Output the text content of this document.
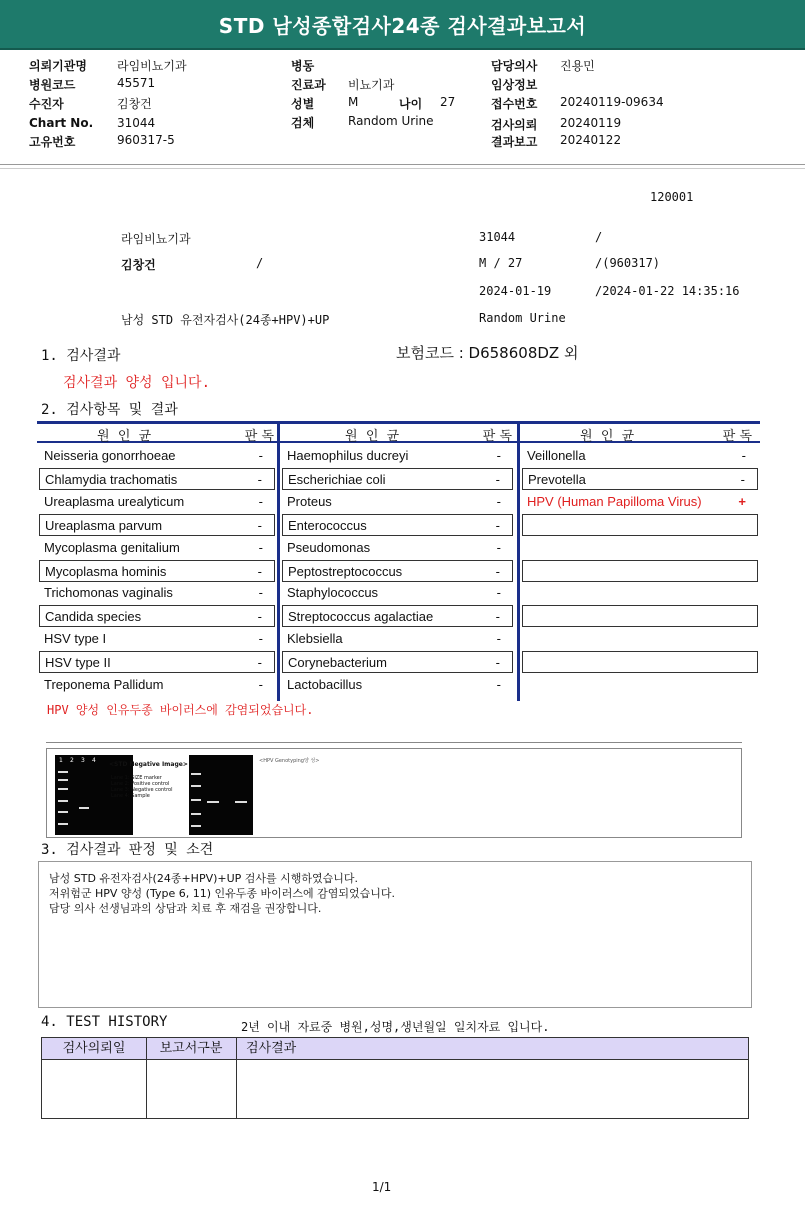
STD 남성종합검사24종 검사결과보고서
의뢰기관명	라임비뇨기과
병원코드	45571
수진자	김창건
Chart No. 31044
고유번호	960317-5
병동
진료과 비뇨기과
성별	M	나이 27
검체	Random Urine
담당의사 진용민
임상정보
접수번호 20240119-09634
검사의뢰 20240119
결과보고 20240122
120001
라임비뇨기과	31044	/
김창건	/	M / 27	/(960317)
2024-01-19	/2024-01-22 14:35:16
남성 STD 유전자검사(24종+HPV)+UP	Random Urine
1. 검사결과	보험코드 : D658608DZ 외
검사결과 양성 입니다.
2. 검사항목 및 결과
원  인  균	판 독
Neisseria gonorrhoeae	-
Chlamydia trachomatis	-
Ureaplasma urealyticum	-
Ureaplasma parvum	-
Mycoplasma genitalium	-
Mycoplasma hominis	-
Trichomonas vaginalis	-
Candida species	-
HSV type I	-
HSV type II	-
Treponema Pallidum	-
원  인  균	판 독
Haemophilus ducreyi	-
Escherichiae coli	-
Proteus	-
Enterococcus	-
Pseudomonas	-
Peptostreptococcus	-
Staphylococcus	-
Streptococcus agalactiae	-
Klebsiella	-
Corynebacterium	-
Lactobacillus	-
원  인  균	판 독
Veillonella	-
Prevotella	-
HPV (Human Papilloma Virus)	+
HPV 양성 인유두종 바이러스에 감염되었습니다.
1 2 3 4
<STD Negative Image>
Lane 1: SIZE marker
Lane 2: Positive control
Lane 3: Negative control
Lane 4: Sample
<HPV Genotyping양 성>
3. 검사결과 판정 및 소견
남성 STD 유전자검사(24종+HPV)+UP 검사를 시행하였습니다.
저위험군 HPV 양성 (Type 6, 11) 인유두종 바이러스에 감염되었습니다.
담당 의사 선생님과의 상담과 치료 후 재검을 권장합니다.
4. TEST HISTORY	2년 이내 자료중 병원,성명,생년월일 일치자료 입니다.
검사의뢰일	보고서구분	검사결과
1/1
